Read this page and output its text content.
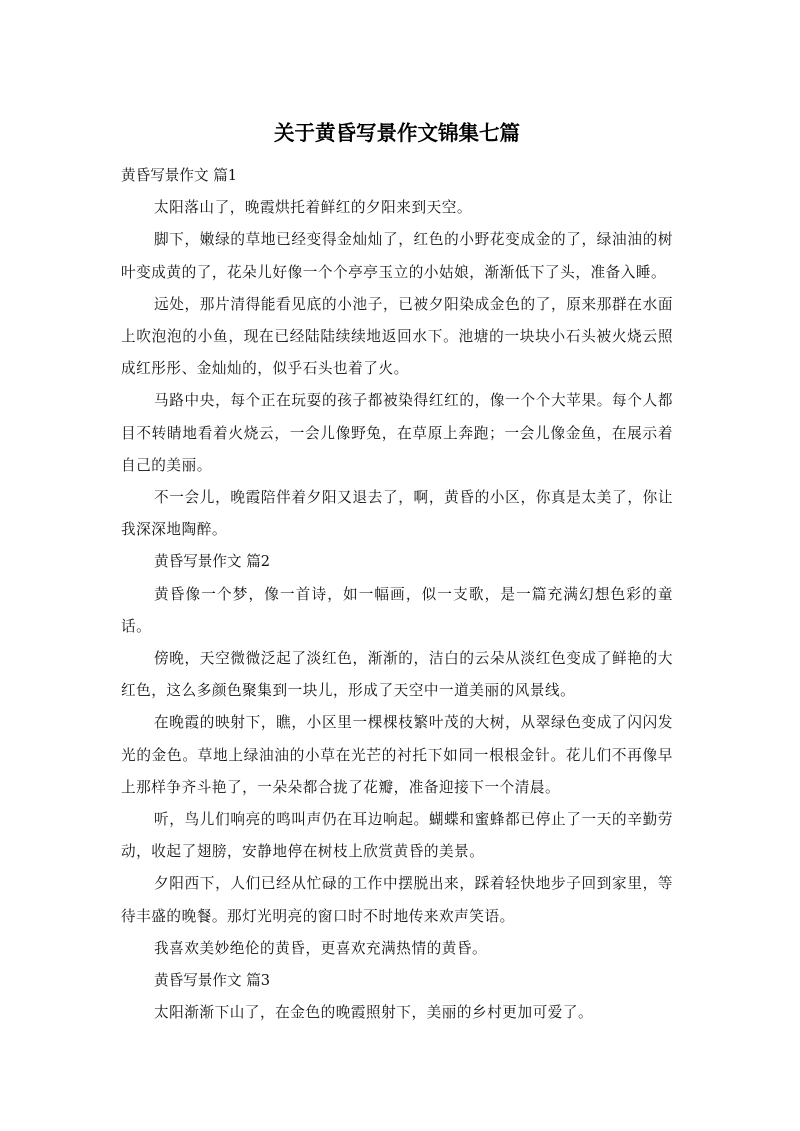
关于黄昏写景作文锦集七篇

黄昏写景作文 篇1

太阳落山了，晚霞烘托着鲜红的夕阳来到天空。

脚下，嫩绿的草地已经变得金灿灿了，红色的小野花变成金的了，绿油油的树叶变成黄的了，花朵儿好像一个个亭亭玉立的小姑娘，渐渐低下了头，准备入睡。

远处，那片清得能看见底的小池子，已被夕阳染成金色的了，原来那群在水面上吹泡泡的小鱼，现在已经陆陆续续地返回水下。池塘的一块块小石头被火烧云照成红彤彤、金灿灿的，似乎石头也着了火。

马路中央，每个正在玩耍的孩子都被染得红红的，像一个个大苹果。每个人都目不转睛地看着火烧云，一会儿像野兔，在草原上奔跑；一会儿像金鱼，在展示着自己的美丽。

不一会儿，晚霞陪伴着夕阳又退去了，啊，黄昏的小区，你真是太美了，你让我深深地陶醉。

黄昏写景作文 篇2

黄昏像一个梦，像一首诗，如一幅画，似一支歌，是一篇充满幻想色彩的童话。

傍晚，天空微微泛起了淡红色，渐渐的，洁白的云朵从淡红色变成了鲜艳的大红色，这么多颜色聚集到一块儿，形成了天空中一道美丽的风景线。

在晚霞的映射下，瞧，小区里一棵棵枝繁叶茂的大树，从翠绿色变成了闪闪发光的金色。草地上绿油油的小草在光芒的衬托下如同一根根金针。花儿们不再像早上那样争齐斗艳了，一朵朵都合拢了花瓣，准备迎接下一个清晨。

听，鸟儿们响亮的鸣叫声仍在耳边响起。蝴蝶和蜜蜂都已停止了一天的辛勤劳动，收起了翅膀，安静地停在树枝上欣赏黄昏的美景。

夕阳西下，人们已经从忙碌的工作中摆脱出来，踩着轻快地步子回到家里，等待丰盛的晚餐。那灯光明亮的窗口时不时地传来欢声笑语。

我喜欢美妙绝伦的黄昏，更喜欢充满热情的黄昏。

黄昏写景作文 篇3

太阳渐渐下山了，在金色的晚霞照射下，美丽的乡村更加可爱了。
